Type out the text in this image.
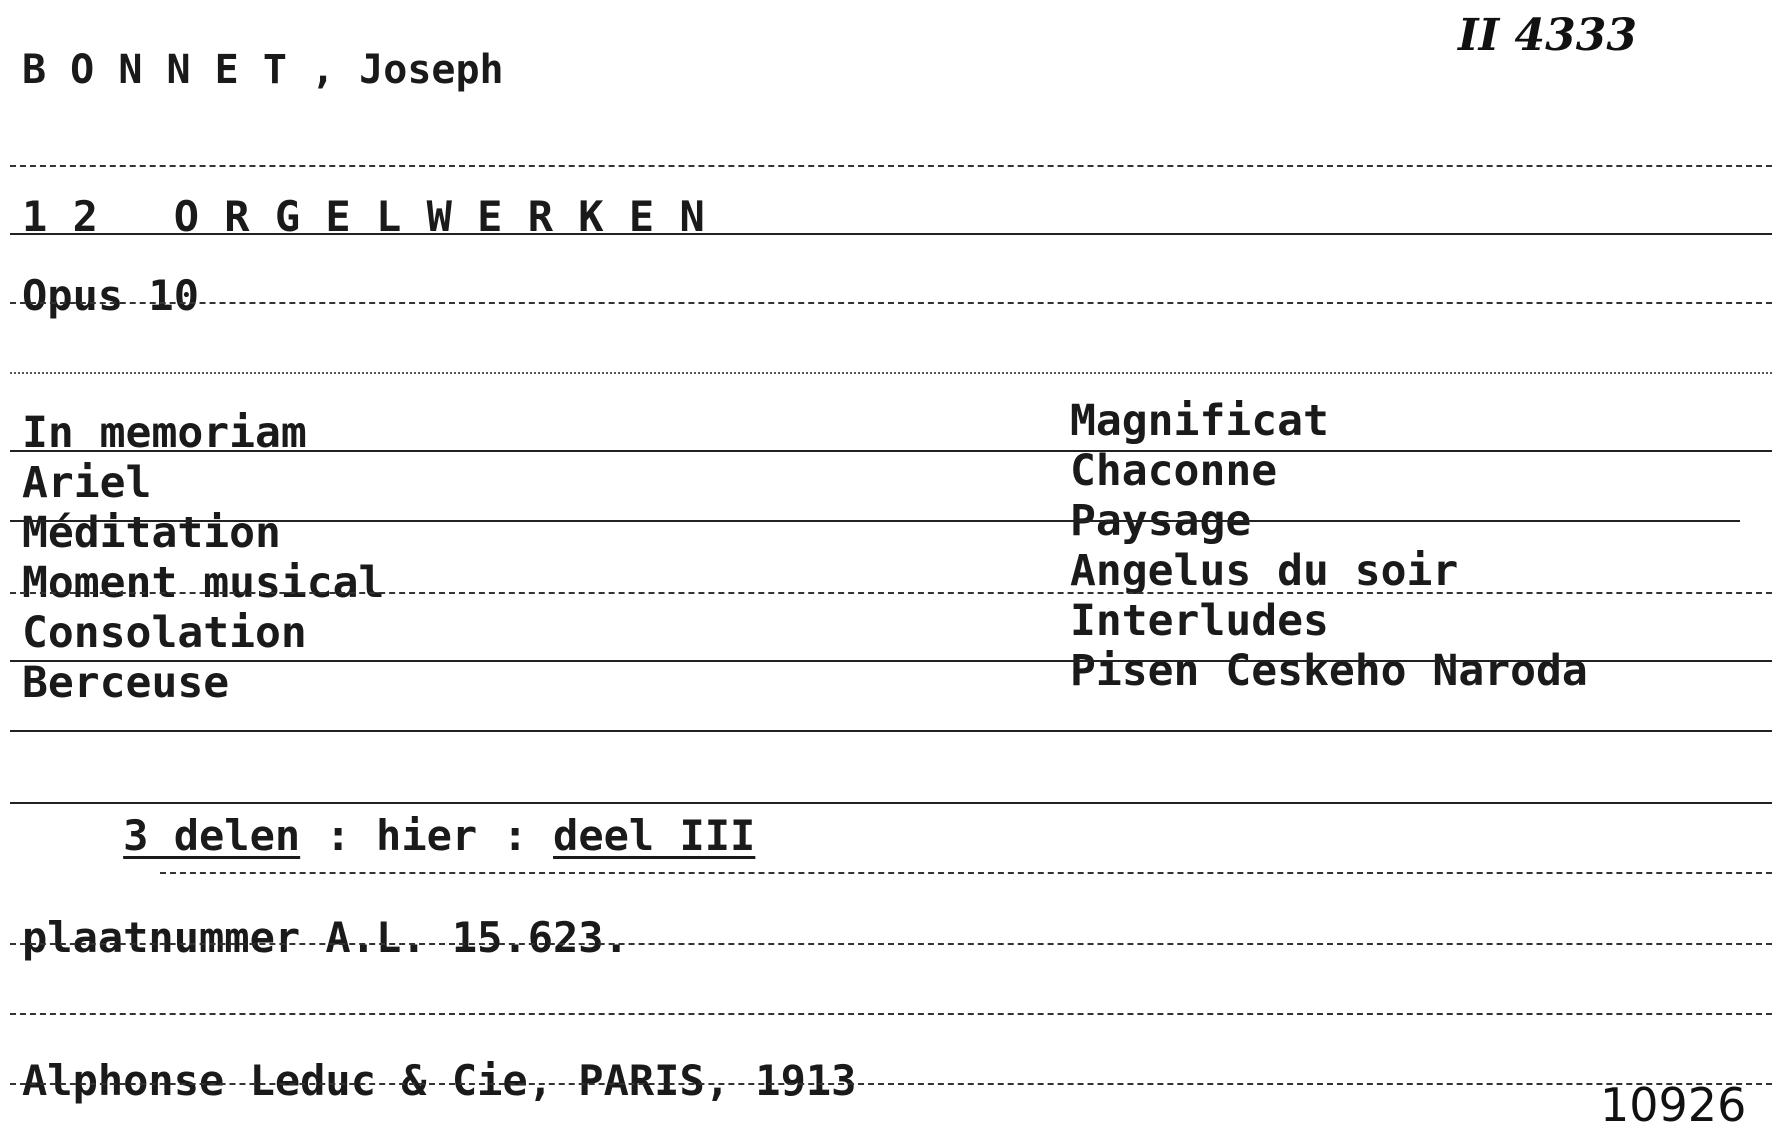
II 4333
B O N N E T , Joseph
1 2   O R G E L W E R K E N
Opus 10
In memoriam
Ariel
Méditation
Moment musical
Consolation
Berceuse
Magnificat
Chaconne
Paysage
Angelus du soir
Interludes
Pisen Ceskeho Naroda

3 delen : hier : deel III

plaatnummer A.L. 15.623.
Alphonse Leduc & Cie, PARIS, 1913	10926
